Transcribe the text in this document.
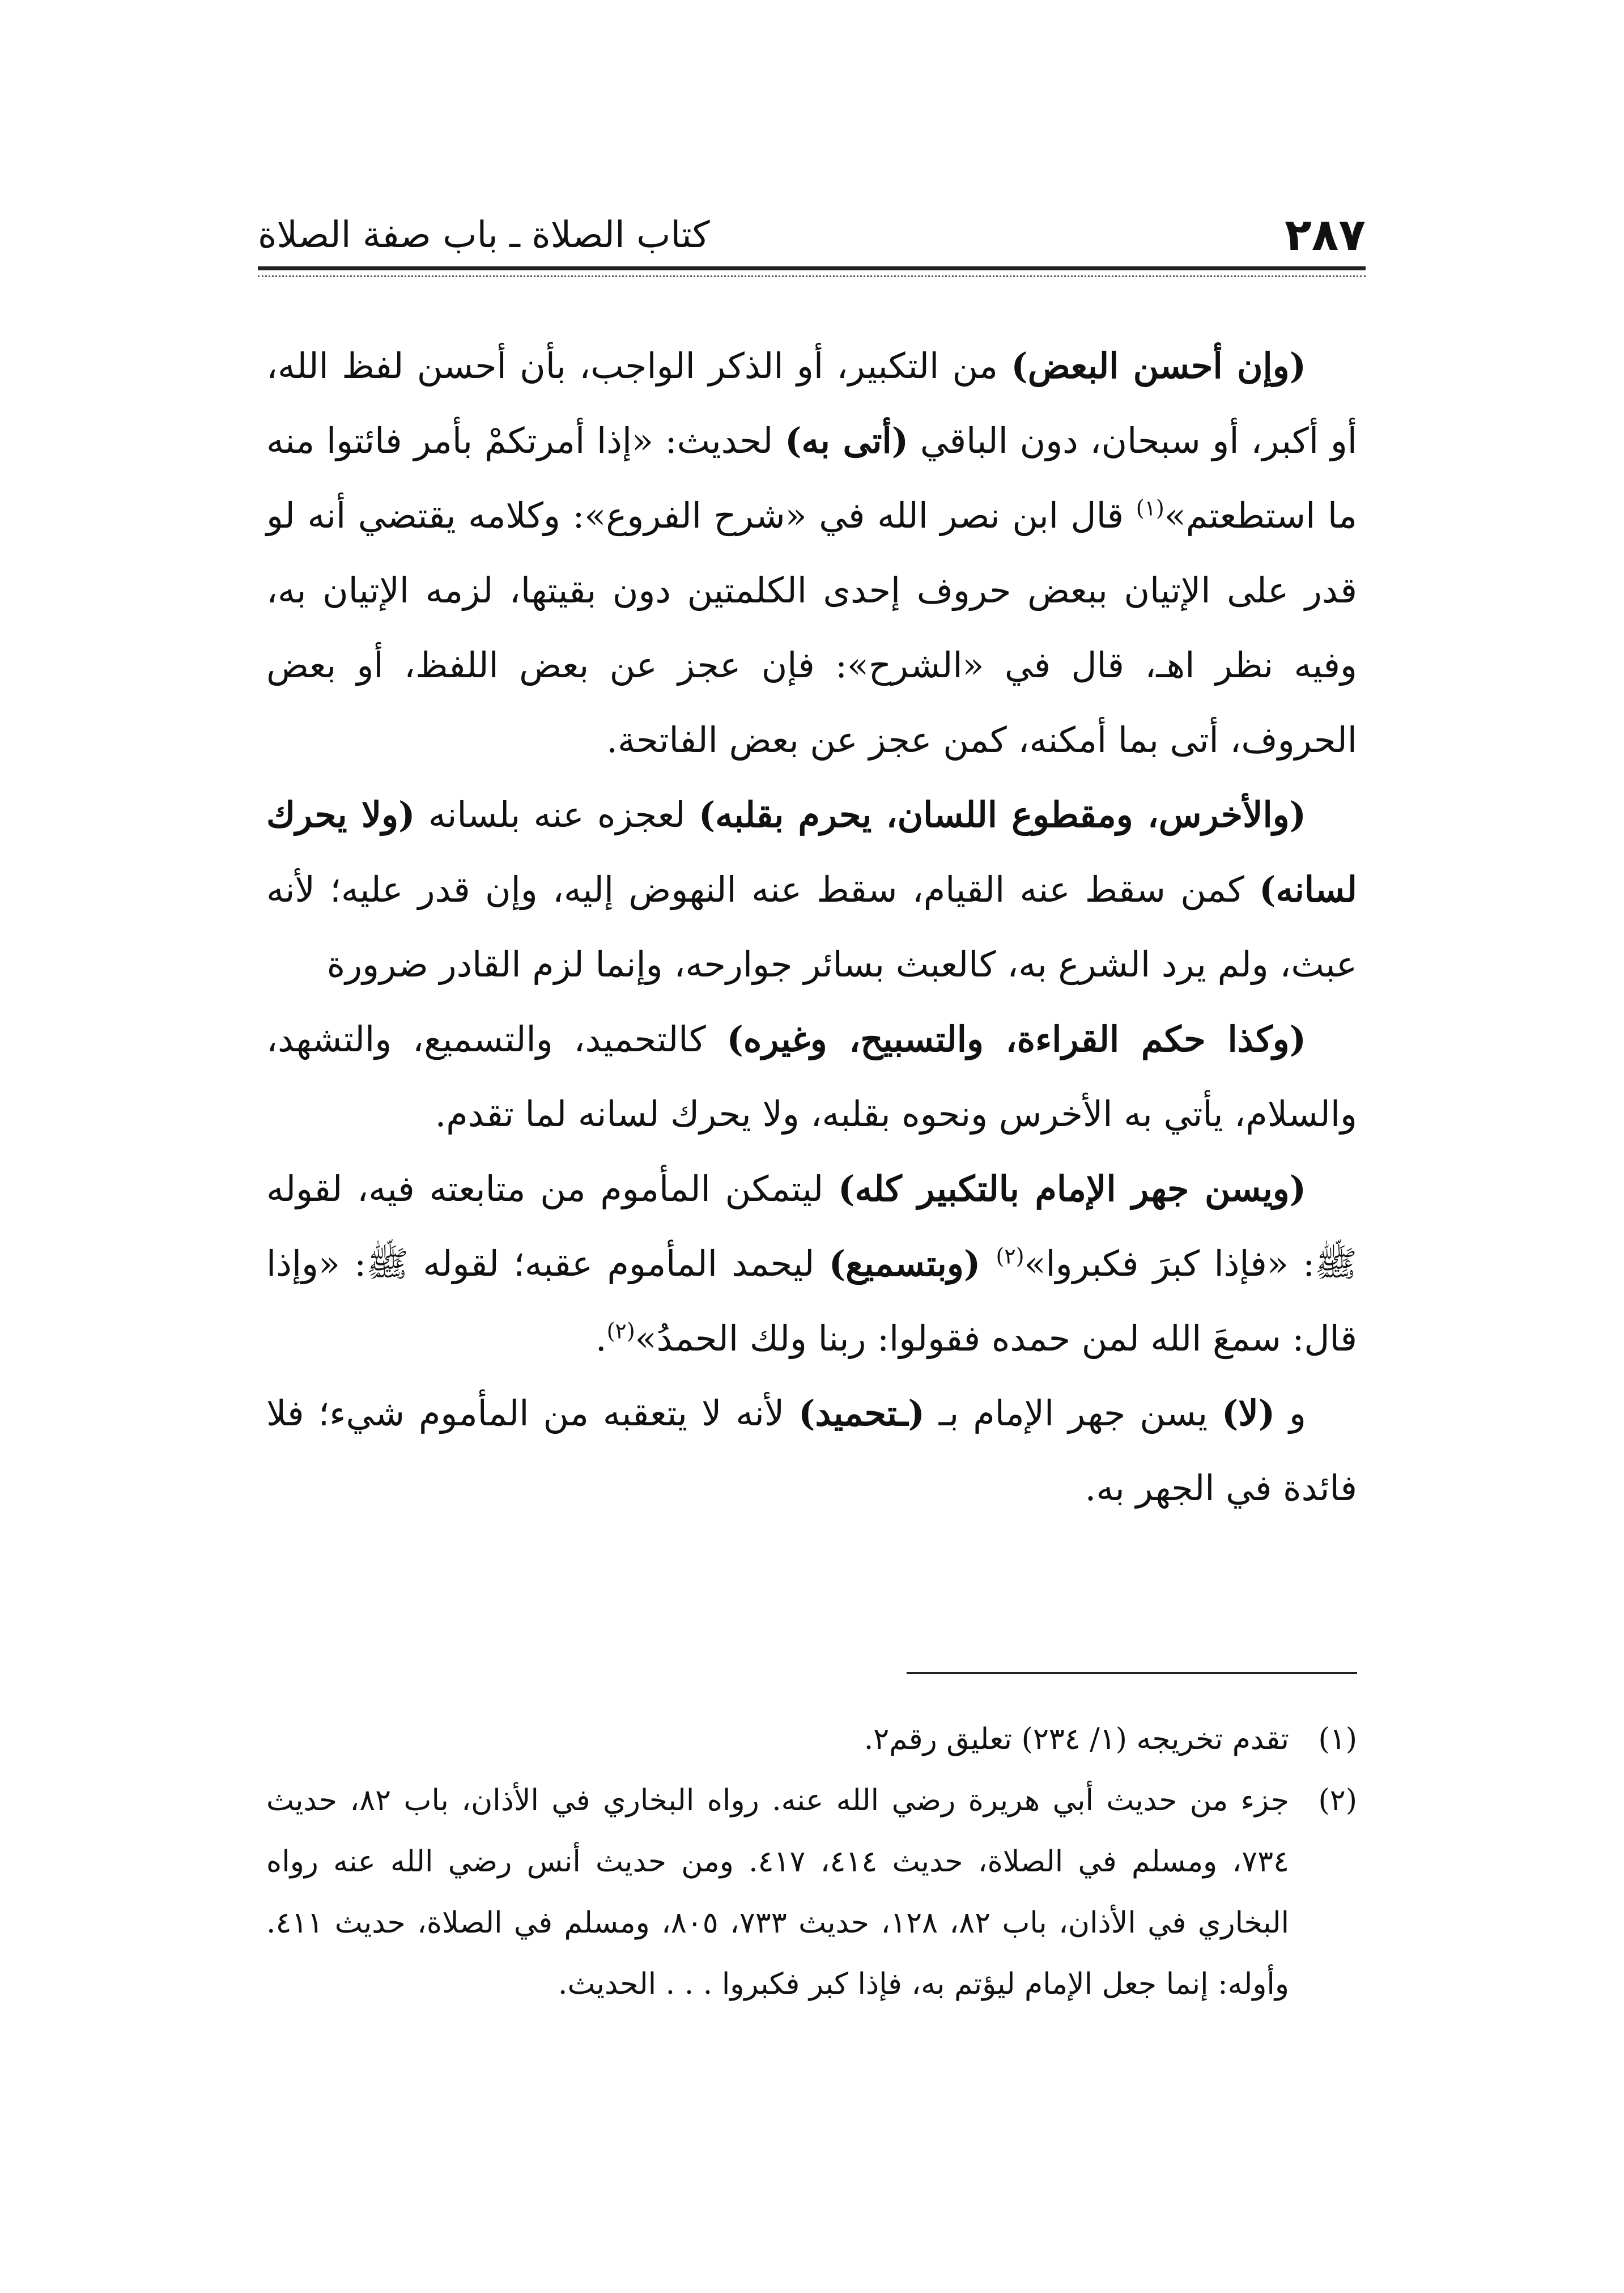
٢٨٧
كتاب الصلاة ـ باب صفة الصلاة

(وإن أحسن البعض) من التكبير، أو الذكر الواجب، بأن أحسن لفظ الله، أو أكبر، أو سبحان، دون الباقي (أتى به) لحديث: «إذا أمرتكمْ بأمر فائتوا منه ما استطعتم»$^{(١)}$ قال ابن نصر الله في «شرح الفروع»: وكلامه يقتضي أنه لو قدر على الإتيان ببعض حروف إحدى الكلمتين دون بقيتها، لزمه الإتيان به، وفيه نظر اهـ، قال في «الشرح»: فإن عجز عن بعض اللفظ، أو بعض الحروف، أتى بما أمكنه، كمن عجز عن بعض الفاتحة.

(والأخرس، ومقطوع اللسان، يحرم بقلبه) لعجزه عنه بلسانه (ولا يحرك لسانه) كمن سقط عنه القيام، سقط عنه النهوض إليه، وإن قدر عليه؛ لأنه عبث، ولم يرد الشرع به، كالعبث بسائر جوارحه، وإنما لزم القادر ضرورة

(وكذا حكم القراءة، والتسبيح، وغيره) كالتحميد، والتسميع، والتشهد، والسلام، يأتي به الأخرس ونحوه بقلبه، ولا يحرك لسانه لما تقدم.

(ويسن جهر الإمام بالتكبير كله) ليتمكن المأموم من متابعته فيه، لقوله ﷺ: «فإذا كبرَ فكبروا»$^{(٢)}$ (وبتسميع) ليحمد المأموم عقبه؛ لقوله ﷺ: «وإذا قال: سمعَ الله لمن حمده فقولوا: ربنا ولك الحمدُ»$^{(٢)}$.

و (لا) يسن جهر الإمام بـ (ـتحميد) لأنه لا يتعقبه من المأموم شيء؛ فلا فائدة في الجهر به.

(١)
تقدم تخريجه (١/ ٢٣٤) تعليق رقم٢.

(٢)
جزء من حديث أبي هريرة رضي الله عنه. رواه البخاري في الأذان، باب ٨٢، حديث ٧٣٤، ومسلم في الصلاة، حديث ٤١٤، ٤١٧. ومن حديث أنس رضي الله عنه رواه البخاري في الأذان، باب ٨٢، ١٢٨، حديث ٧٣٣، ٨٠٥، ومسلم في الصلاة، حديث ٤١١. وأوله: إنما جعل الإمام ليؤتم به، فإذا كبر فكبروا . . . الحديث.
